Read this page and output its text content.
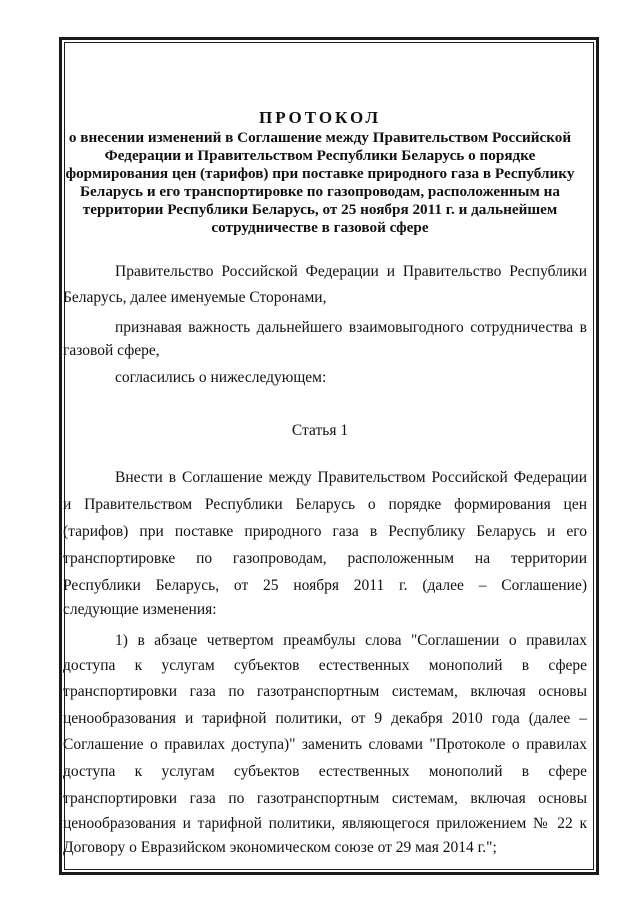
ПРОТОКОЛ
о внесении изменений в Соглашение между Правительством Российской
Федерации и Правительством Республики Беларусь о порядке
формирования цен (тарифов) при поставке природного газа в Республику
Беларусь и его транспортировке по газопроводам, расположенным на
территории Республики Беларусь, от 25 ноября 2011 г. и дальнейшем
сотрудничестве в газовой сфере
Правительство Российской Федерации и Правительство Республики
Беларусь, далее именуемые Сторонами,
признавая важность дальнейшего взаимовыгодного сотрудничества в
газовой сфере,
согласились о нижеследующем:
Статья 1
Внести в Соглашение между Правительством Российской Федерации
и Правительством Республики Беларусь о порядке формирования цен
(тарифов) при поставке природного газа в Республику Беларусь и его
транспортировке по газопроводам, расположенным на территории
Республики Беларусь, от 25 ноября 2011 г. (далее – Соглашение)
следующие изменения:
1) в абзаце четвертом преамбулы слова "Соглашении о правилах
доступа к услугам субъектов естественных монополий в сфере
транспортировки газа по газотранспортным системам, включая основы
ценообразования и тарифной политики, от 9 декабря 2010 года (далее –
Соглашение о правилах доступа)" заменить словами "Протоколе о правилах
доступа к услугам субъектов естественных монополий в сфере
транспортировки газа по газотранспортным системам, включая основы
ценообразования и тарифной политики, являющегося приложением № 22 к
Договору о Евразийском экономическом союзе от 29 мая 2014 г.";
